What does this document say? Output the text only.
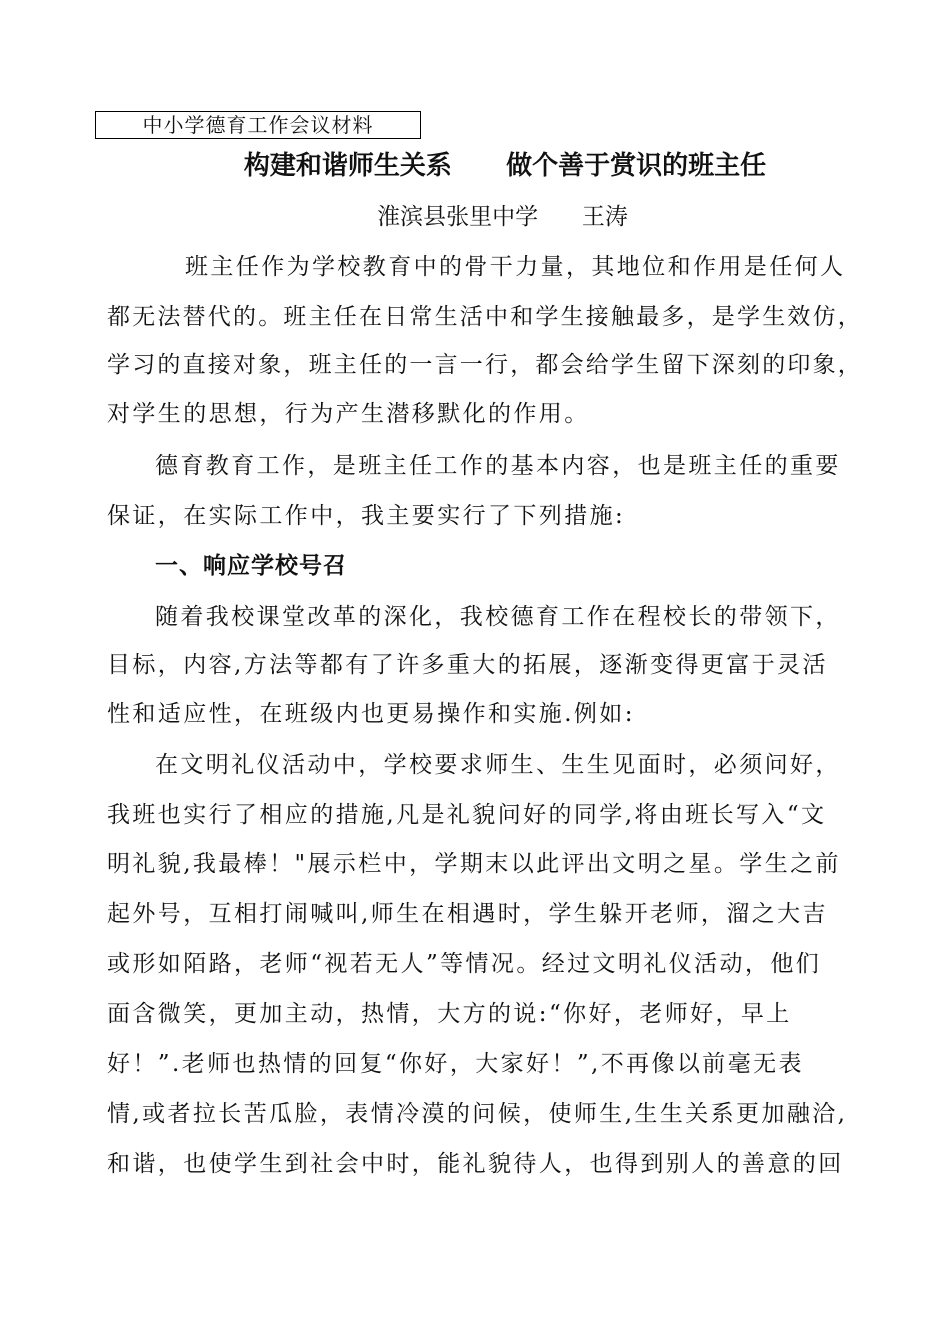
中小学德育工作会议材料
构建和谐师生关系      做个善于赏识的班主任
淮滨县张里中学      王涛
班主任作为学校教育中的骨干力量，其地位和作用是任何人
都无法替代的。班主任在日常生活中和学生接触最多，是学生效仿，
学习的直接对象，班主任的一言一行，都会给学生留下深刻的印象，
对学生的思想，行为产生潜移默化的作用。
德育教育工作，是班主任工作的基本内容，也是班主任的重要
保证，在实际工作中，我主要实行了下列措施:
一、响应学校号召
随着我校课堂改革的深化，我校德育工作在程校长的带领下，
目标，内容,方法等都有了许多重大的拓展，逐渐变得更富于灵活
性和适应性，在班级内也更易操作和实施.例如:
在文明礼仪活动中，学校要求师生、生生见面时，必须问好，
我班也实行了相应的措施,凡是礼貌问好的同学,将由班长写入“文
明礼貌,我最棒！"展示栏中，学期末以此评出文明之星。学生之前
起外号，互相打闹喊叫,师生在相遇时，学生躲开老师，溜之大吉
或形如陌路，老师“视若无人”等情况。经过文明礼仪活动，他们
面含微笑，更加主动，热情，大方的说:“你好，老师好，早上
好！”.老师也热情的回复“你好，大家好！”,不再像以前毫无表
情,或者拉长苦瓜脸，表情冷漠的问候，使师生,生生关系更加融洽,
和谐，也使学生到社会中时，能礼貌待人，也得到别人的善意的回
